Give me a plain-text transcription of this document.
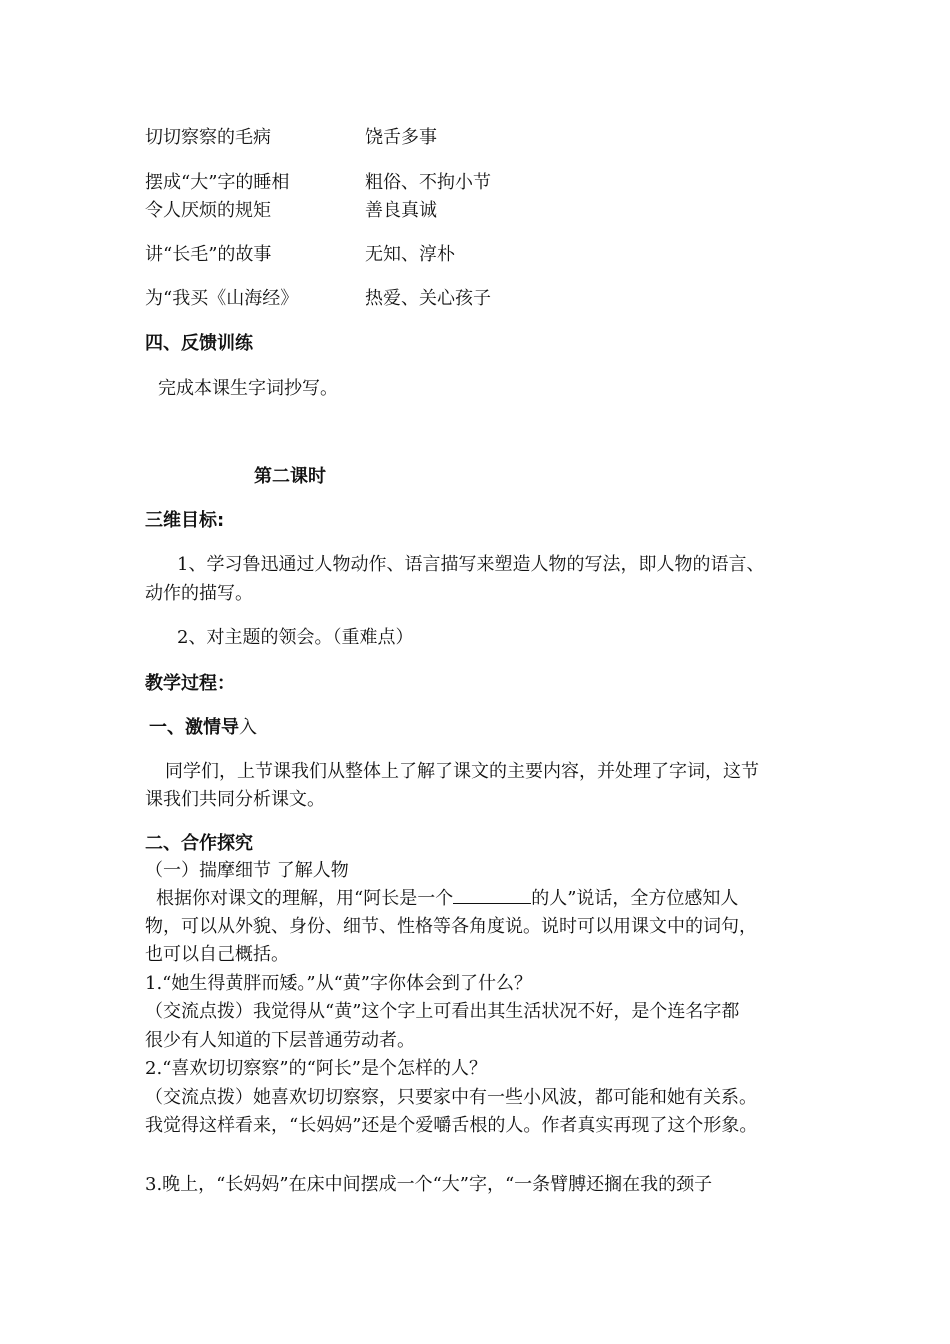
切切察察的毛病	饶舌多事
摆成“大”字的睡相	粗俗、不拘小节
令人厌烦的规矩	善良真诚
讲“长毛”的故事	无知、淳朴
为“我买《山海经》	热爱、关心孩子
四、反馈训练
完成本课生字词抄写。
第二课时
三维目标:
1、学习鲁迅通过人物动作、语言描写来塑造人物的写法，即人物的语言、
动作的描写。
2、对主题的领会。（重难点）
教学过程：
一、激情导入
同学们，上节课我们从整体上了解了课文的主要内容，并处理了字词，这节
课我们共同分析课文。
二、合作探究
（一）揣摩细节 了解人物
根据你对课文的理解，用“阿长是一个	的人”说话，全方位感知人
物，可以从外貌、身份、细节、性格等各角度说。说时可以用课文中的词句，
也可以自己概括。
1.“她生得黄胖而矮。”从“黄”字你体会到了什么？
（交流点拨）我觉得从“黄”这个字上可看出其生活状况不好，是个连名字都
很少有人知道的下层普通劳动者。
2.“喜欢切切察察”的“阿长”是个怎样的人？
（交流点拨）她喜欢切切察察，只要家中有一些小风波，都可能和她有关系。
我觉得这样看来，“长妈妈”还是个爱嚼舌根的人。作者真实再现了这个形象。
3.晚上，“长妈妈”在床中间摆成一个“大”字，“一条臂膊还搁在我的颈子
